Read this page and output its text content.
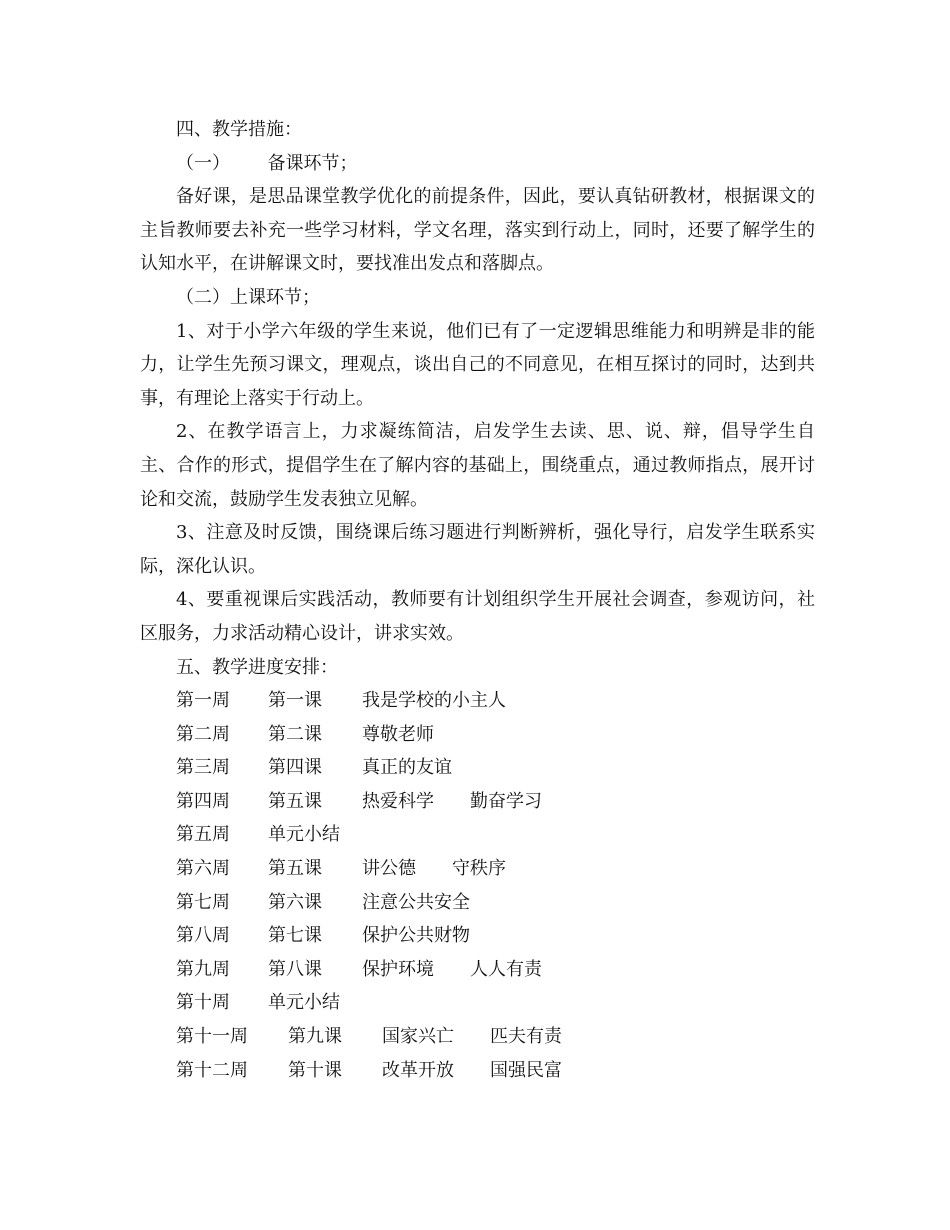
四、教学措施：
（一） 备课环节；
备好课，是思品课堂教学优化的前提条件，因此，要认真钻研教材，根据课文的主旨教师要去补充一些学习材料，学文名理，落实到行动上，同时，还要了解学生的认知水平，在讲解课文时，要找准出发点和落脚点。
（二）上课环节；
1、对于小学六年级的学生来说，他们已有了一定逻辑思维能力和明辨是非的能力，让学生先预习课文，理观点，谈出自己的不同意见，在相互探讨的同时，达到共事，有理论上落实于行动上。
2、在教学语言上，力求凝练简洁，启发学生去读、思、说、辩，倡导学生自主、合作的形式，提倡学生在了解内容的基础上，围绕重点，通过教师指点，展开讨论和交流，鼓励学生发表独立见解。
3、注意及时反馈，围绕课后练习题进行判断辨析，强化导行，启发学生联系实际，深化认识。
4、要重视课后实践活动，教师要有计划组织学生开展社会调查，参观访问，社区服务，力求活动精心设计，讲求实效。
五、教学进度安排：
第一周 第一课 我是学校的小主人
第二周 第二课 尊敬老师
第三周 第四课 真正的友谊
第四周 第五课 热爱科学 勤奋学习
第五周 单元小结
第六周 第五课 讲公德 守秩序
第七周 第六课 注意公共安全
第八周 第七课 保护公共财物
第九周 第八课 保护环境 人人有责
第十周 单元小结
第十一周 第九课 国家兴亡 匹夫有责
第十二周 第十课 改革开放 国强民富
